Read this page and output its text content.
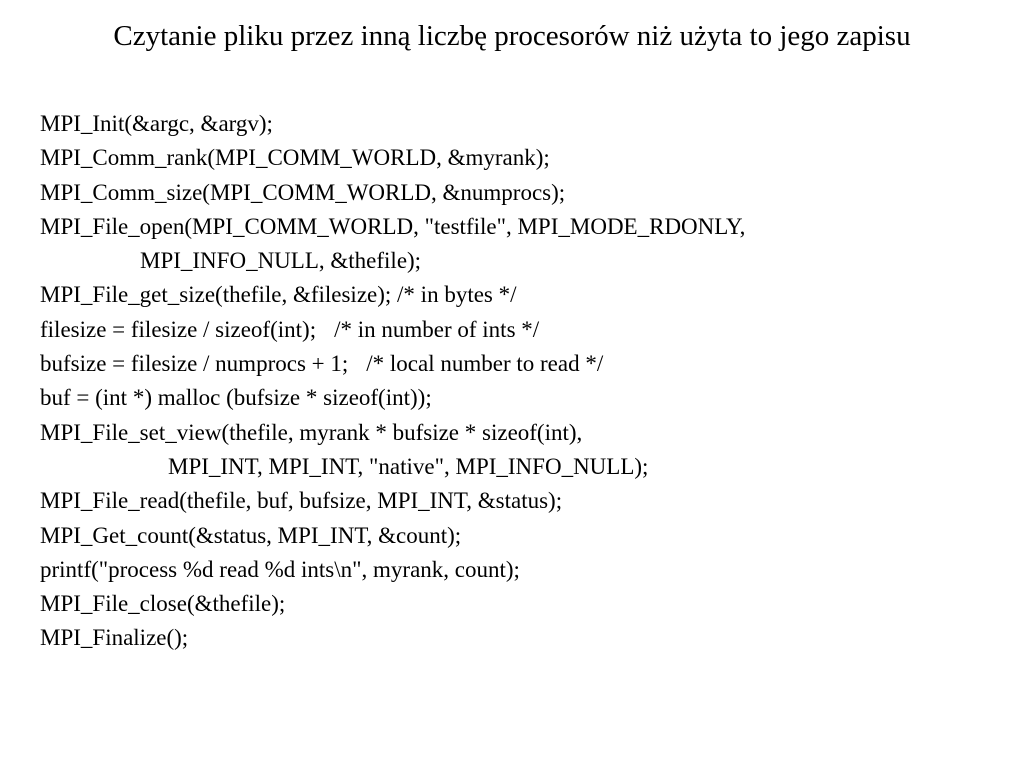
Czytanie pliku przez inną liczbę procesorów niż użyta to jego zapisu
MPI_Init(&argc, &argv);
MPI_Comm_rank(MPI_COMM_WORLD, &myrank);
MPI_Comm_size(MPI_COMM_WORLD, &numprocs);
MPI_File_open(MPI_COMM_WORLD, "testfile", MPI_MODE_RDONLY,
MPI_INFO_NULL, &thefile);
MPI_File_get_size(thefile, &filesize); /* in bytes */
filesize = filesize / sizeof(int); /* in number of ints */
bufsize = filesize / numprocs + 1; /* local number to read */
buf = (int *) malloc (bufsize * sizeof(int));
MPI_File_set_view(thefile, myrank * bufsize * sizeof(int),
MPI_INT, MPI_INT, "native", MPI_INFO_NULL);
MPI_File_read(thefile, buf, bufsize, MPI_INT, &status);
MPI_Get_count(&status, MPI_INT, &count);
printf("process %d read %d ints\n", myrank, count);
MPI_File_close(&thefile);
MPI_Finalize();
